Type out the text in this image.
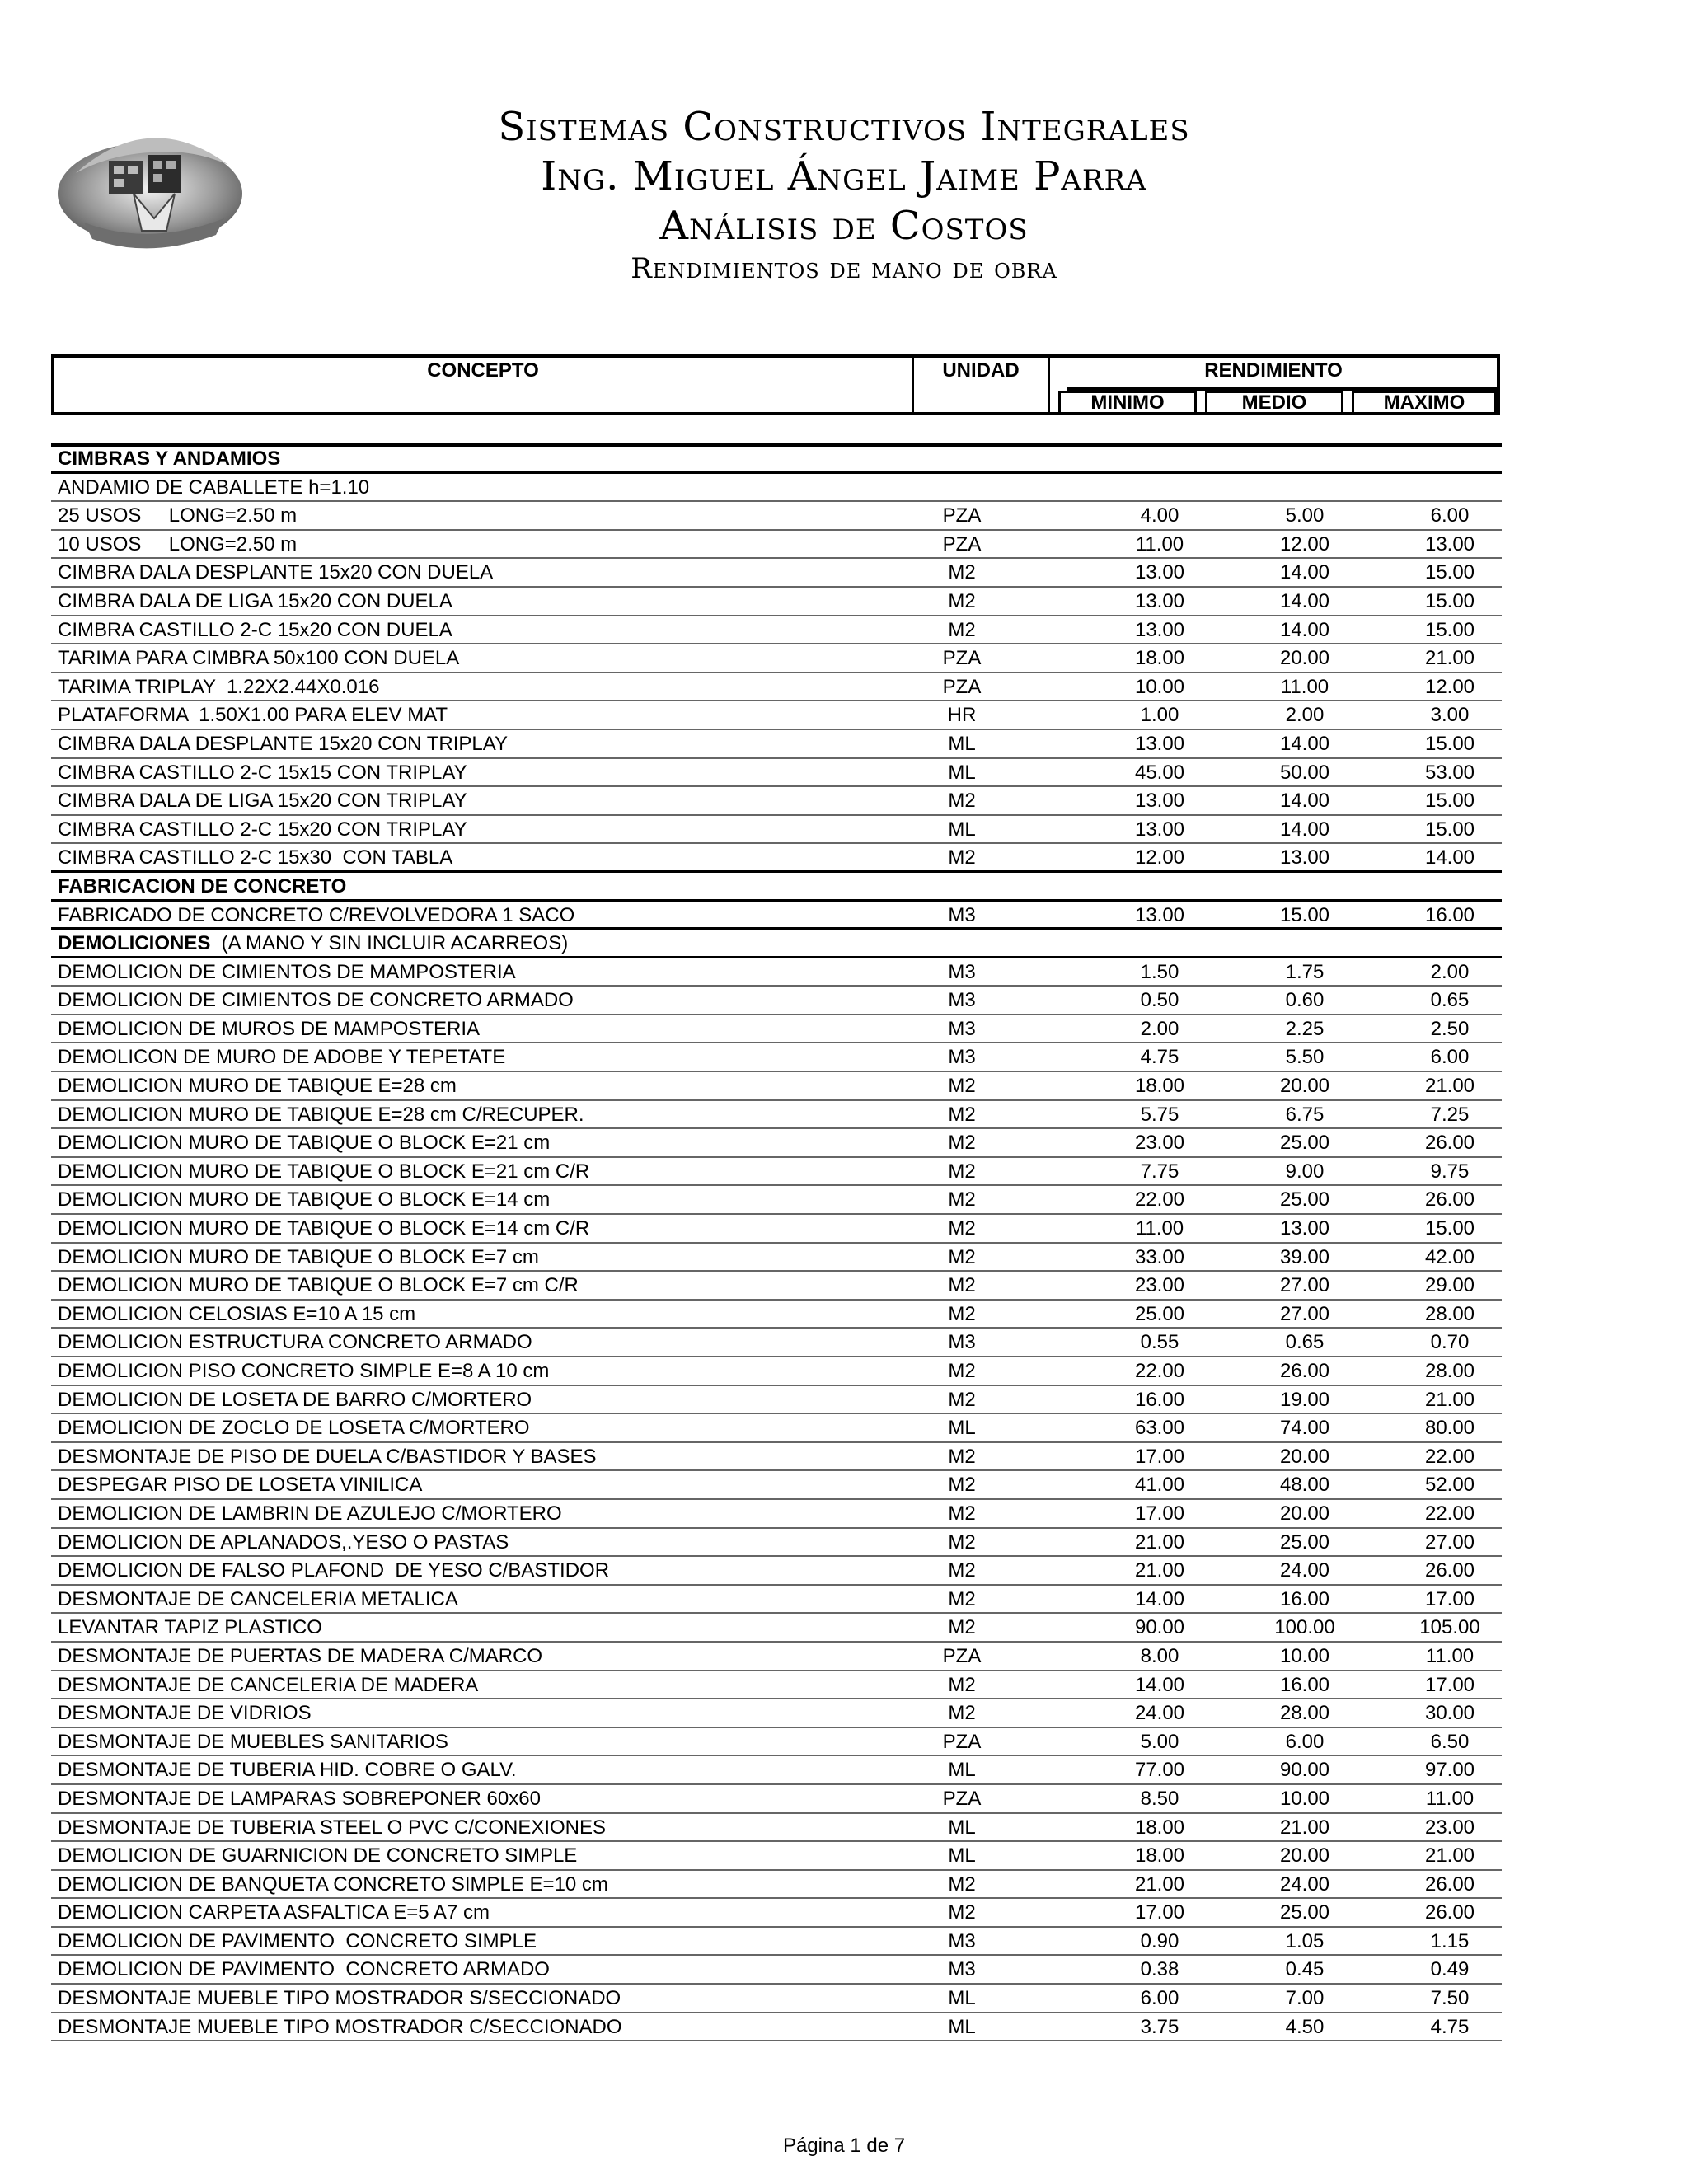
Sistemas Constructivos Integrales
Ing. Miguel Ángel Jaime Parra
Análisis de Costos
Rendimientos de mano de obra
CONCEPTO	UNIDAD	RENDIMIENTO
MINIMO	MEDIO	MAXIMO
CIMBRAS Y ANDAMIOS
ANDAMIO DE CABALLETE h=1.10
25 USOS     LONG=2.50 m	PZA	4.00	5.00	6.00
10 USOS     LONG=2.50 m	PZA	11.00	12.00	13.00
CIMBRA DALA DESPLANTE 15x20 CON DUELA	M2	13.00	14.00	15.00
CIMBRA DALA DE LIGA 15x20 CON DUELA	M2	13.00	14.00	15.00
CIMBRA CASTILLO 2-C 15x20 CON DUELA	M2	13.00	14.00	15.00
TARIMA PARA CIMBRA 50x100 CON DUELA	PZA	18.00	20.00	21.00
TARIMA TRIPLAY  1.22X2.44X0.016	PZA	10.00	11.00	12.00
PLATAFORMA  1.50X1.00 PARA ELEV MAT	HR	1.00	2.00	3.00
CIMBRA DALA DESPLANTE 15x20 CON TRIPLAY	ML	13.00	14.00	15.00
CIMBRA CASTILLO 2-C 15x15 CON TRIPLAY	ML	45.00	50.00	53.00
CIMBRA DALA DE LIGA 15x20 CON TRIPLAY	M2	13.00	14.00	15.00
CIMBRA CASTILLO 2-C 15x20 CON TRIPLAY	ML	13.00	14.00	15.00
CIMBRA CASTILLO 2-C 15x30  CON TABLA	M2	12.00	13.00	14.00
FABRICACION DE CONCRETO
FABRICADO DE CONCRETO C/REVOLVEDORA 1 SACO	M3	13.00	15.00	16.00
DEMOLICIONES  (A MANO Y SIN INCLUIR ACARREOS)
DEMOLICION DE CIMIENTOS DE MAMPOSTERIA	M3	1.50	1.75	2.00
DEMOLICION DE CIMIENTOS DE CONCRETO ARMADO	M3	0.50	0.60	0.65
DEMOLICION DE MUROS DE MAMPOSTERIA	M3	2.00	2.25	2.50
DEMOLICON DE MURO DE ADOBE Y TEPETATE	M3	4.75	5.50	6.00
DEMOLICION MURO DE TABIQUE E=28 cm	M2	18.00	20.00	21.00
DEMOLICION MURO DE TABIQUE E=28 cm C/RECUPER.	M2	5.75	6.75	7.25
DEMOLICION MURO DE TABIQUE O BLOCK E=21 cm	M2	23.00	25.00	26.00
DEMOLICION MURO DE TABIQUE O BLOCK E=21 cm C/R	M2	7.75	9.00	9.75
DEMOLICION MURO DE TABIQUE O BLOCK E=14 cm	M2	22.00	25.00	26.00
DEMOLICION MURO DE TABIQUE O BLOCK E=14 cm C/R	M2	11.00	13.00	15.00
DEMOLICION MURO DE TABIQUE O BLOCK E=7 cm	M2	33.00	39.00	42.00
DEMOLICION MURO DE TABIQUE O BLOCK E=7 cm C/R	M2	23.00	27.00	29.00
DEMOLICION CELOSIAS E=10 A 15 cm	M2	25.00	27.00	28.00
DEMOLICION ESTRUCTURA CONCRETO ARMADO	M3	0.55	0.65	0.70
DEMOLICION PISO CONCRETO SIMPLE E=8 A 10 cm	M2	22.00	26.00	28.00
DEMOLICION DE LOSETA DE BARRO C/MORTERO	M2	16.00	19.00	21.00
DEMOLICION DE ZOCLO DE LOSETA C/MORTERO	ML	63.00	74.00	80.00
DESMONTAJE DE PISO DE DUELA C/BASTIDOR Y BASES	M2	17.00	20.00	22.00
DESPEGAR PISO DE LOSETA VINILICA	M2	41.00	48.00	52.00
DEMOLICION DE LAMBRIN DE AZULEJO C/MORTERO	M2	17.00	20.00	22.00
DEMOLICION DE APLANADOS,.YESO O PASTAS	M2	21.00	25.00	27.00
DEMOLICION DE FALSO PLAFOND  DE YESO C/BASTIDOR	M2	21.00	24.00	26.00
DESMONTAJE DE CANCELERIA METALICA	M2	14.00	16.00	17.00
LEVANTAR TAPIZ PLASTICO	M2	90.00	100.00	105.00
DESMONTAJE DE PUERTAS DE MADERA C/MARCO	PZA	8.00	10.00	11.00
DESMONTAJE DE CANCELERIA DE MADERA	M2	14.00	16.00	17.00
DESMONTAJE DE VIDRIOS	M2	24.00	28.00	30.00
DESMONTAJE DE MUEBLES SANITARIOS	PZA	5.00	6.00	6.50
DESMONTAJE DE TUBERIA HID. COBRE O GALV.	ML	77.00	90.00	97.00
DESMONTAJE DE LAMPARAS SOBREPONER 60x60	PZA	8.50	10.00	11.00
DESMONTAJE DE TUBERIA STEEL O PVC C/CONEXIONES	ML	18.00	21.00	23.00
DEMOLICION DE GUARNICION DE CONCRETO SIMPLE	ML	18.00	20.00	21.00
DEMOLICION DE BANQUETA CONCRETO SIMPLE E=10 cm	M2	21.00	24.00	26.00
DEMOLICION CARPETA ASFALTICA E=5 A7 cm	M2	17.00	25.00	26.00
DEMOLICION DE PAVIMENTO  CONCRETO SIMPLE	M3	0.90	1.05	1.15
DEMOLICION DE PAVIMENTO  CONCRETO ARMADO	M3	0.38	0.45	0.49
DESMONTAJE MUEBLE TIPO MOSTRADOR S/SECCIONADO	ML	6.00	7.00	7.50
DESMONTAJE MUEBLE TIPO MOSTRADOR C/SECCIONADO	ML	3.75	4.50	4.75
Página 1 de 7
